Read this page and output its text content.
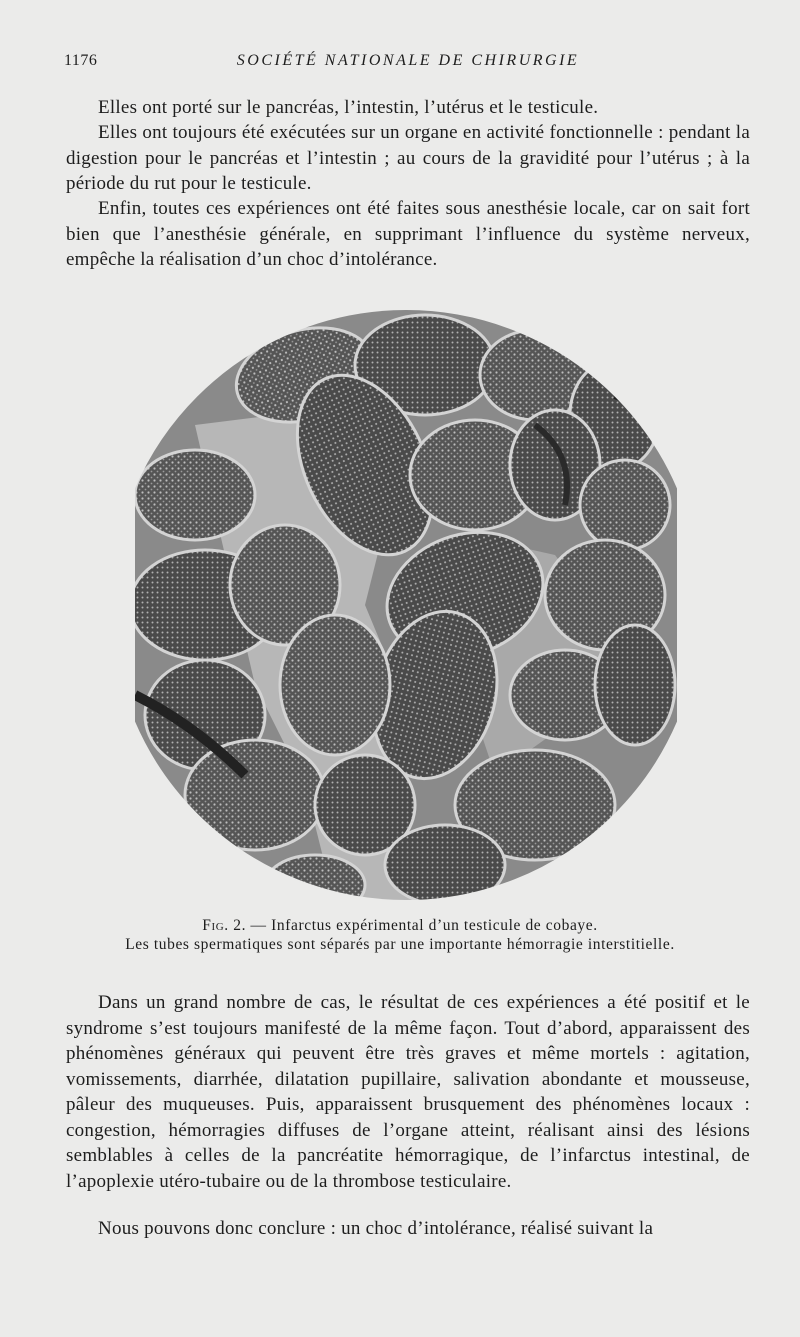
1176	SOCIÉTÉ NATIONALE DE CHIRURGIE

Elles ont porté sur le pancréas, l’intestin, l’utérus et le testicule.

Elles ont toujours été exécutées sur un organe en activité fonctionnelle : pendant la digestion pour le pancréas et l’intestin ; au cours de la gravidité pour l’utérus ; à la période du rut pour le testicule.

Enfin, toutes ces expériences ont été faites sous anesthésie locale, car on sait fort bien que l’anesthésie générale, en supprimant l’influence du système nerveux, empêche la réalisation d’un choc d’intolérance.

Fig. 2. — Infarctus expérimental d’un testicule de cobaye.

Les tubes spermatiques sont séparés par une importante hémorragie interstitielle.

Dans un grand nombre de cas, le résultat de ces expériences a été positif et le syndrome s’est toujours manifesté de la même façon. Tout d’abord, apparaissent des phénomènes généraux qui peuvent être très graves et même mortels : agitation, vomissements, diarrhée, dilatation pupillaire, salivation abondante et mousseuse, pâleur des muqueuses. Puis, apparaissent brusquement des phénomènes locaux : congestion, hémorragies diffuses de l’organe atteint, réalisant ainsi des lésions semblables à celles de la pancréatite hémorragique, de l’infarctus intestinal, de l’apoplexie utéro-tubaire ou de la thrombose testiculaire.

Nous pouvons donc conclure : un choc d’intolérance, réalisé suivant la
